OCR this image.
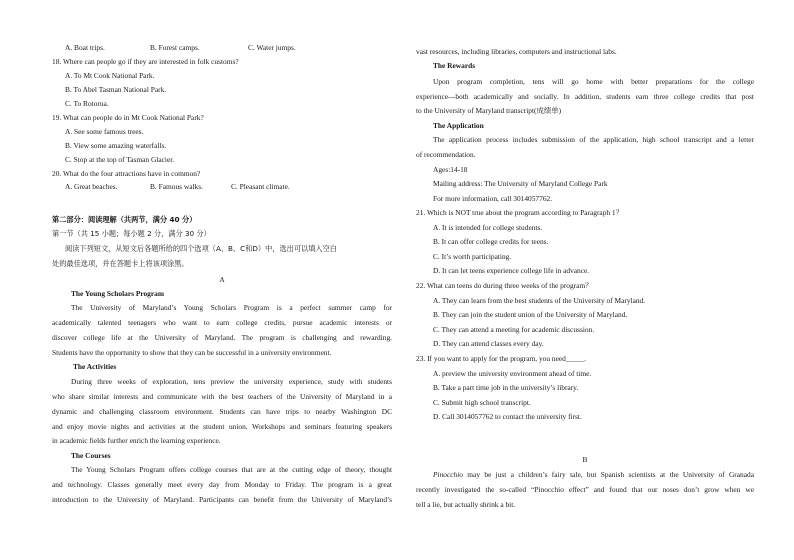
A. Boat trips.	B. Forest camps.	C. Water jumps.
18. Where can people go if they are interested in folk customs?
A. To Mt Cook National Park.
B. To Abel Tasman National Park.
C. To Rotorua.
19. What can people do in Mt Cook National Park?
A. See some famous trees.
B. View some amazing waterfalls.
C. Stop at the top of Tasman Glacier.
20. What do the four attractions have in common?
A. Great beaches.	B. Famous walks.	C. Pleasant climate.
第二部分：阅读理解（共两节，满分 40 分）
第一节（共 15 小题；每小题 2 分，满分 30 分）
阅读下列短文，从短文后各题所给的四个选项（A、B、C和D）中，选出可以填入空白
处的最佳选项，并在答题卡上将该项涂黑。
A
The Young Scholars Program
The University of Maryland’s Young Scholars Program is a perfect summer camp for
academically talented teenagers who want to earn college credits, pursue academic interests or
discover college life at the University of Maryland. The program is challenging and rewarding.
Students have the opportunity to show that they can be successful in a university environment.
The Activities
During three weeks of exploration, tens preview the university experience, study with students
who share similar interests and communicate with the best teachers of the University of Maryland in a
dynamic and challenging classroom environment. Students can have trips to nearby Washington DC
and enjoy movie nights and activities at the student union. Workshops and seminars featuring speakers
in academic fields further enrich the learning experience.
The Courses
The Young Scholars Program offers college courses that are at the cutting edge of theory, thought
and technology. Classes generally meet every day from Monday to Friday. The program is a great
introduction to the University of Maryland. Participants can benefit from the University of Maryland’s
vast resources, including libraries, computers and instructional labs.
The Rewards
Upon program completion, tens will go home with better preparations for the college
experience---both academically and socially. In addition, students earn three college credits that post
to the University of Maryland transcript(成绩单)
The Application
The application process includes submission of the application, high school transcript and a letter
of recommendation.
Ages:14-18
Mailing address: The University of Maryland College Park
For more information, call 3014057762.
21. Which is NOT true about the program according to Paragraph 1？
A. It is intended for college students.
B. It can offer college credits for teens.
C. It’s worth participating.
D. It can let teens experience college life in advance.
22. What can teens do during three weeks of the program？
A. They can learn from the best students of the University of Maryland.
B. They can join the student union of the University of Maryland.
C. They can attend a meeting for academic discussion.
D. They can attend classes every day.
23. If you want to apply for the program, you need_____.
A. preview the university environment ahead of time.
B. Take a part time job in the university’s library.
C. Submit high school transcript.
D. Call 3014057762 to contact the university first.
B
Pinocchio may be just a children’s fairy tale, but Spanish scientists at the University of Granada
recently investigated the so-called “Pinocchio effect” and found that our noses don’t grow when we
tell a lie, but actually shrink a bit.
